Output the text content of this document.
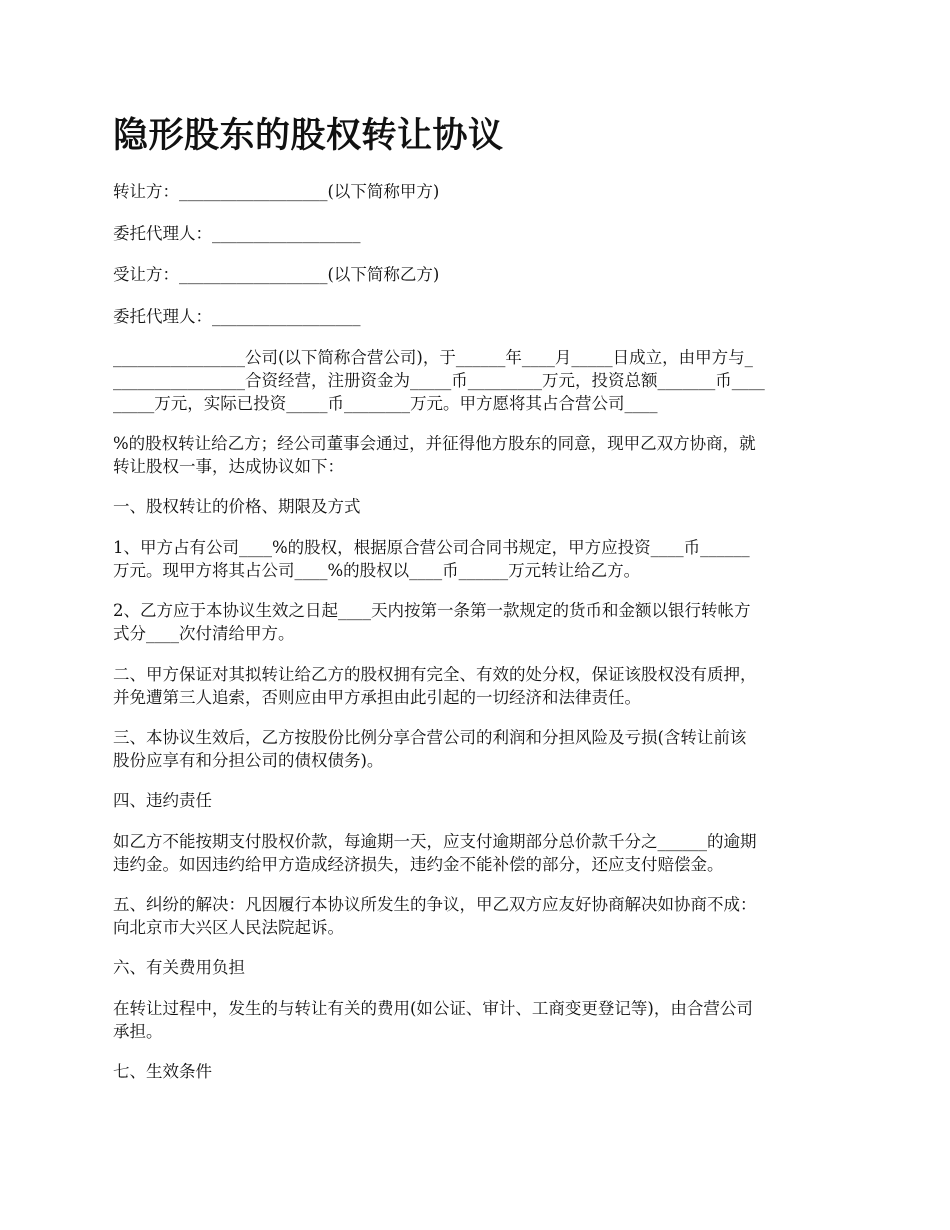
隐形股东的股权转让协议

转让方：__________________(以下简称甲方)

委托代理人：__________________

受让方：__________________(以下简称乙方)

委托代理人：__________________

________________公司(以下简称合营公司)，于______年____月_____日成立，由甲方与_
________________合资经营，注册资金为_____币_________万元，投资总额_______币____
_____万元，实际已投资_____币________万元。甲方愿将其占合营公司____

%的股权转让给乙方；经公司董事会通过，并征得他方股东的同意，现甲乙双方协商，就
转让股权一事，达成协议如下：

一、股权转让的价格、期限及方式

1、甲方占有公司____%的股权，根据原合营公司合同书规定，甲方应投资____币______
万元。现甲方将其占公司____%的股权以____币______万元转让给乙方。

2、乙方应于本协议生效之日起____天内按第一条第一款规定的货币和金额以银行转帐方
式分____次付清给甲方。

二、甲方保证对其拟转让给乙方的股权拥有完全、有效的处分权，保证该股权没有质押，
并免遭第三人追索，否则应由甲方承担由此引起的一切经济和法律责任。

三、本协议生效后，乙方按股份比例分享合营公司的利润和分担风险及亏损(含转让前该
股份应享有和分担公司的债权债务)。

四、违约责任

如乙方不能按期支付股权价款，每逾期一天，应支付逾期部分总价款千分之______的逾期
违约金。如因违约给甲方造成经济损失，违约金不能补偿的部分，还应支付赔偿金。

五、纠纷的解决：凡因履行本协议所发生的争议，甲乙双方应友好协商解决如协商不成：
向北京市大兴区人民法院起诉。

六、有关费用负担

在转让过程中，发生的与转让有关的费用(如公证、审计、工商变更登记等)，由合营公司
承担。

七、生效条件
